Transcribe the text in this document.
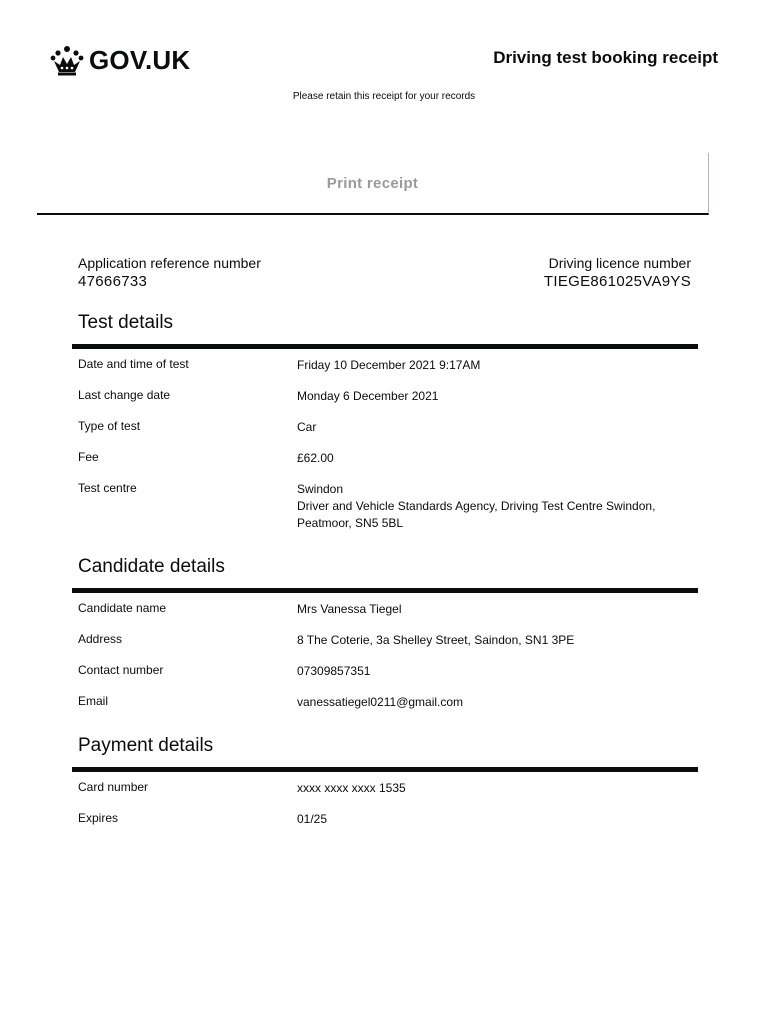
GOV.UK	Driving test booking receipt
Please retain this receipt for your records
Print receipt
Application reference number
47666733
Driving licence number
TIEGE861025VA9YS
Test details
Date and time of test	Friday 10 December 2021 9:17AM
Last change date	Monday 6 December 2021
Type of test	Car
Fee	£62.00
Test centre	Swindon
Driver and Vehicle Standards Agency, Driving Test Centre Swindon,
Peatmoor, SN5 5BL
Candidate details
Candidate name	Mrs Vanessa Tiegel
Address	8 The Coterie, 3a Shelley Street, Saindon, SN1 3PE
Contact number	07309857351
Email	vanessatiegel0211@gmail.com
Payment details
Card number	xxxx xxxx xxxx 1535
Expires	01/25
